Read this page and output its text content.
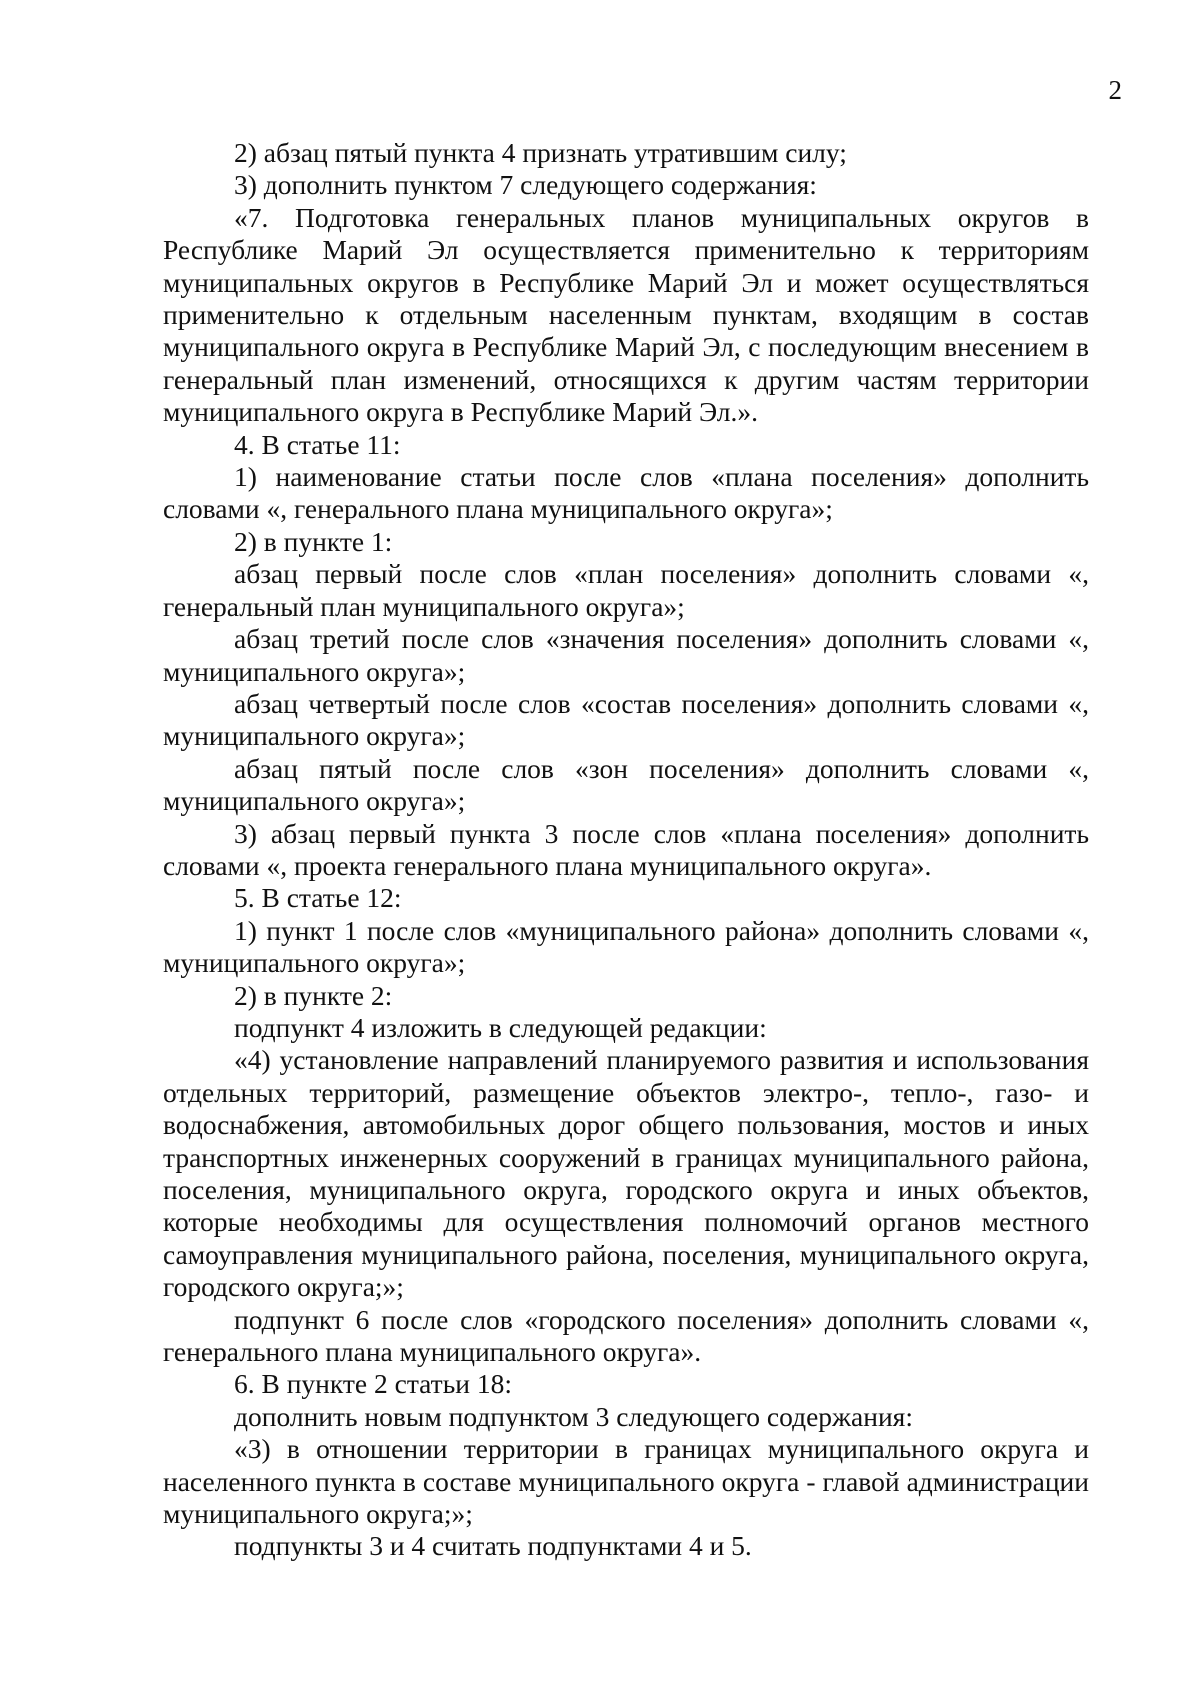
2

2) абзац пятый пункта 4 признать утратившим силу;

3) дополнить пунктом 7 следующего содержания:

«7. Подготовка генеральных планов муниципальных округов в Республике Марий Эл осуществляется применительно к территориям муниципальных округов в Республике Марий Эл и может осуществляться применительно к отдельным населенным пунктам, входящим в состав муниципального округа в Республике Марий Эл, с последующим внесением в генеральный план изменений, относящихся к другим частям территории муниципального округа в Республике Марий Эл.».

4. В статье 11:

1) наименование статьи после слов «плана поселения» дополнить словами «, генерального плана муниципального округа»;

2) в пункте 1:

абзац первый после слов «план поселения» дополнить словами «, генеральный план муниципального округа»;

абзац третий после слов «значения поселения» дополнить словами «, муниципального округа»;

абзац четвертый после слов «состав поселения» дополнить словами «, муниципального округа»;

абзац пятый после слов «зон поселения» дополнить словами «, муниципального округа»;

3) абзац первый пункта 3 после слов «плана поселения» дополнить словами «, проекта генерального плана муниципального округа».

5. В статье 12:

1) пункт 1 после слов «муниципального района» дополнить словами «, муниципального округа»;

2) в пункте 2:

подпункт 4 изложить в следующей редакции:

«4) установление направлений планируемого развития и использования отдельных территорий, размещение объектов электро-, тепло-, газо- и водоснабжения, автомобильных дорог общего пользования, мостов и иных транспортных инженерных сооружений в границах муниципального района, поселения, муниципального округа, городского округа и иных объектов, которые необходимы для осуществления полномочий органов местного самоуправления муниципального района, поселения, муниципального округа, городского округа;»;

подпункт 6 после слов «городского поселения» дополнить словами «, генерального плана муниципального округа».

6. В пункте 2 статьи 18:

дополнить новым подпунктом 3 следующего содержания:

«3) в отношении территории в границах муниципального округа и населенного пункта в составе муниципального округа - главой администрации муниципального округа;»;

подпункты 3 и 4 считать подпунктами 4 и 5.
